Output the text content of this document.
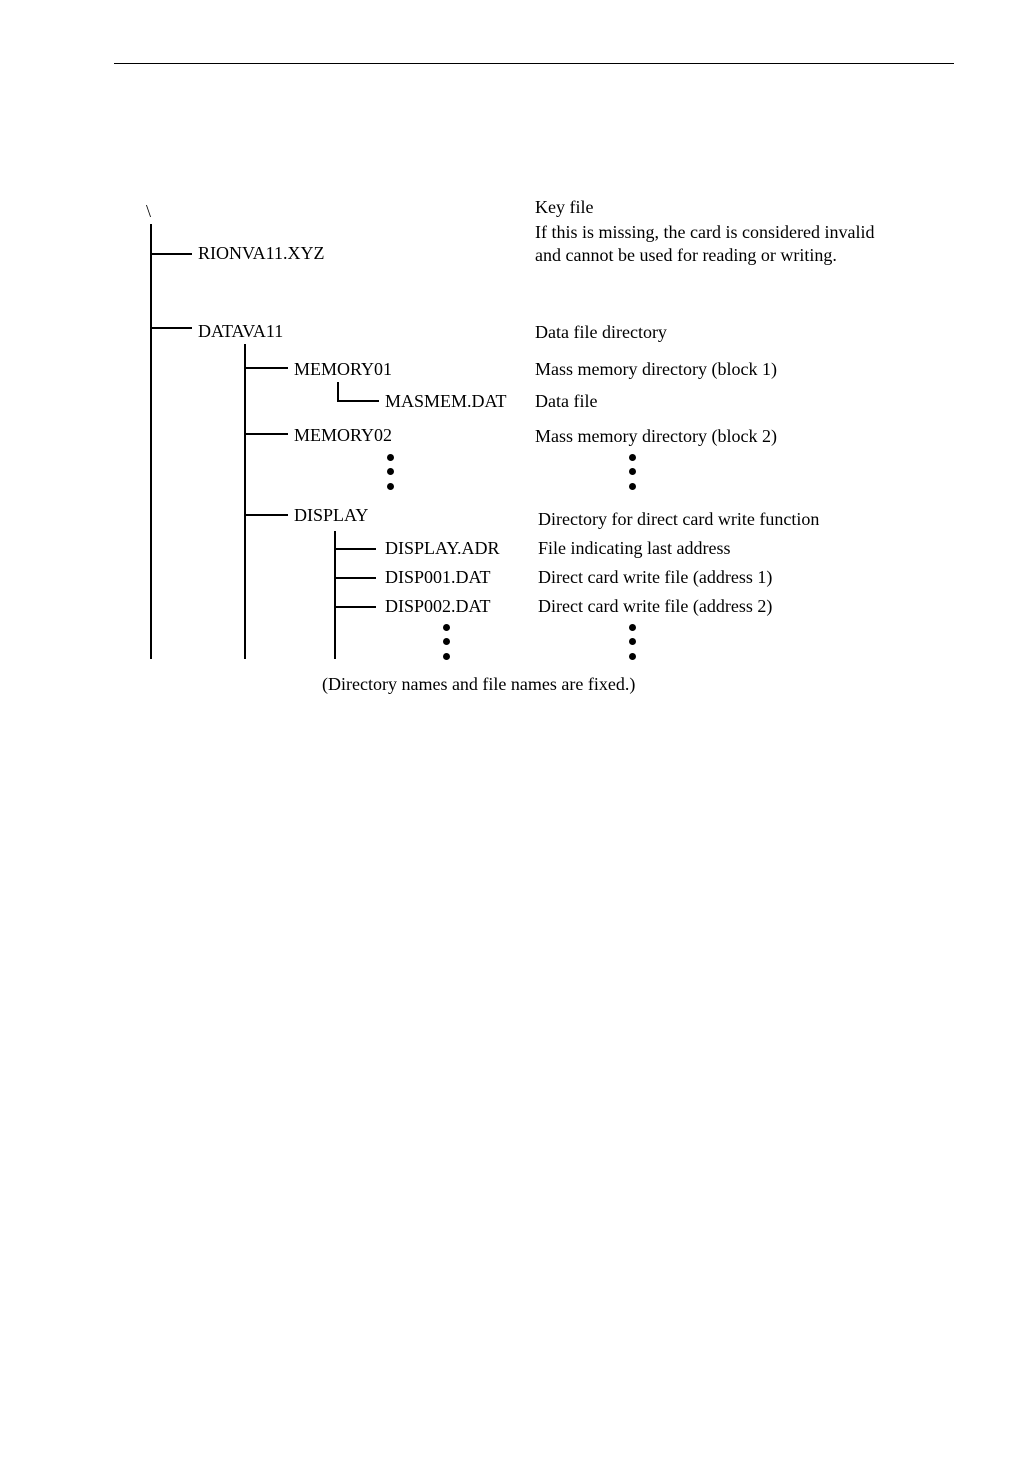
\
RIONVA11.XYZ
DATAVA11
MEMORY01
MASMEM.DAT
MEMORY02
DISPLAY
DISPLAY.ADR
DISP001.DAT
DISP002.DAT
Key file
If this is missing, the card is considered invalid
and cannot be used for reading or writing.
Data file directory
Mass memory directory (block 1)
Data file
Mass memory directory (block 2)
Directory for direct card write function
File indicating last address
Direct card write file (address 1)
Direct card write file (address 2)
(Directory names and file names are fixed.)
